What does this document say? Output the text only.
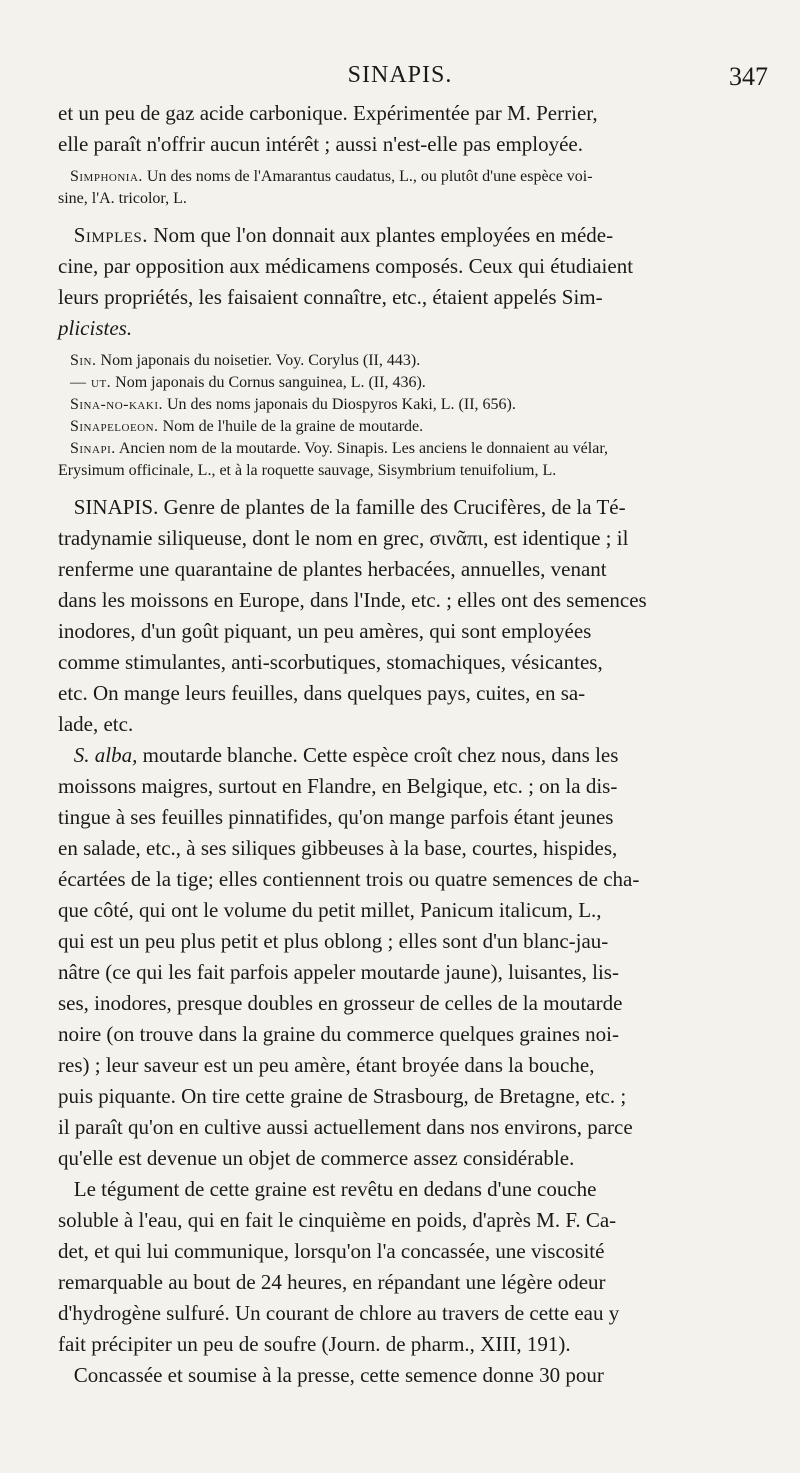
SINAPIS.	347

et un peu de gaz acide carbonique. Expérimentée par M. Perrier,
elle paraît n'offrir aucun intérêt ; aussi n'est-elle pas employée.

Simphonia. Un des noms de l'Amarantus caudatus, L., ou plutôt d'une espèce voi-
sine, l'A. tricolor, L.

Simples. Nom que l'on donnait aux plantes employées en méde-
cine, par opposition aux médicamens composés. Ceux qui étudiaient
leurs propriétés, les faisaient connaître, etc., étaient appelés Sim-
plicistes.

Sin. Nom japonais du noisetier. Voy. Corylus (II, 443).

— ut. Nom japonais du Cornus sanguinea, L. (II, 436).

Sina-no-kaki. Un des noms japonais du Diospyros Kaki, L. (II, 656).

Sinapeloeon. Nom de l'huile de la graine de moutarde.

Sinapi. Ancien nom de la moutarde. Voy. Sinapis. Les anciens le donnaient au vélar,
Erysimum officinale, L., et à la roquette sauvage, Sisymbrium tenuifolium, L.

SINAPIS. Genre de plantes de la famille des Crucifères, de la Té-
tradynamie siliqueuse, dont le nom en grec, σινᾶπι, est identique ; il
renferme une quarantaine de plantes herbacées, annuelles, venant
dans les moissons en Europe, dans l'Inde, etc. ; elles ont des semences
inodores, d'un goût piquant, un peu amères, qui sont employées
comme stimulantes, anti-scorbutiques, stomachiques, vésicantes,
etc. On mange leurs feuilles, dans quelques pays, cuites, en sa-
lade, etc.

S. alba, moutarde blanche. Cette espèce croît chez nous, dans les
moissons maigres, surtout en Flandre, en Belgique, etc. ; on la dis-
tingue à ses feuilles pinnatifides, qu'on mange parfois étant jeunes
en salade, etc., à ses siliques gibbeuses à la base, courtes, hispides,
écartées de la tige; elles contiennent trois ou quatre semences de cha-
que côté, qui ont le volume du petit millet, Panicum italicum, L.,
qui est un peu plus petit et plus oblong ; elles sont d'un blanc-jau-
nâtre (ce qui les fait parfois appeler moutarde jaune), luisantes, lis-
ses, inodores, presque doubles en grosseur de celles de la moutarde
noire (on trouve dans la graine du commerce quelques graines noi-
res) ; leur saveur est un peu amère, étant broyée dans la bouche,
puis piquante. On tire cette graine de Strasbourg, de Bretagne, etc. ;
il paraît qu'on en cultive aussi actuellement dans nos environs, parce
qu'elle est devenue un objet de commerce assez considérable.

Le tégument de cette graine est revêtu en dedans d'une couche
soluble à l'eau, qui en fait le cinquième en poids, d'après M. F. Ca-
det, et qui lui communique, lorsqu'on l'a concassée, une viscosité
remarquable au bout de 24 heures, en répandant une légère odeur
d'hydrogène sulfuré. Un courant de chlore au travers de cette eau y
fait précipiter un peu de soufre (Journ. de pharm., XIII, 191).

Concassée et soumise à la presse, cette semence donne 30 pour
